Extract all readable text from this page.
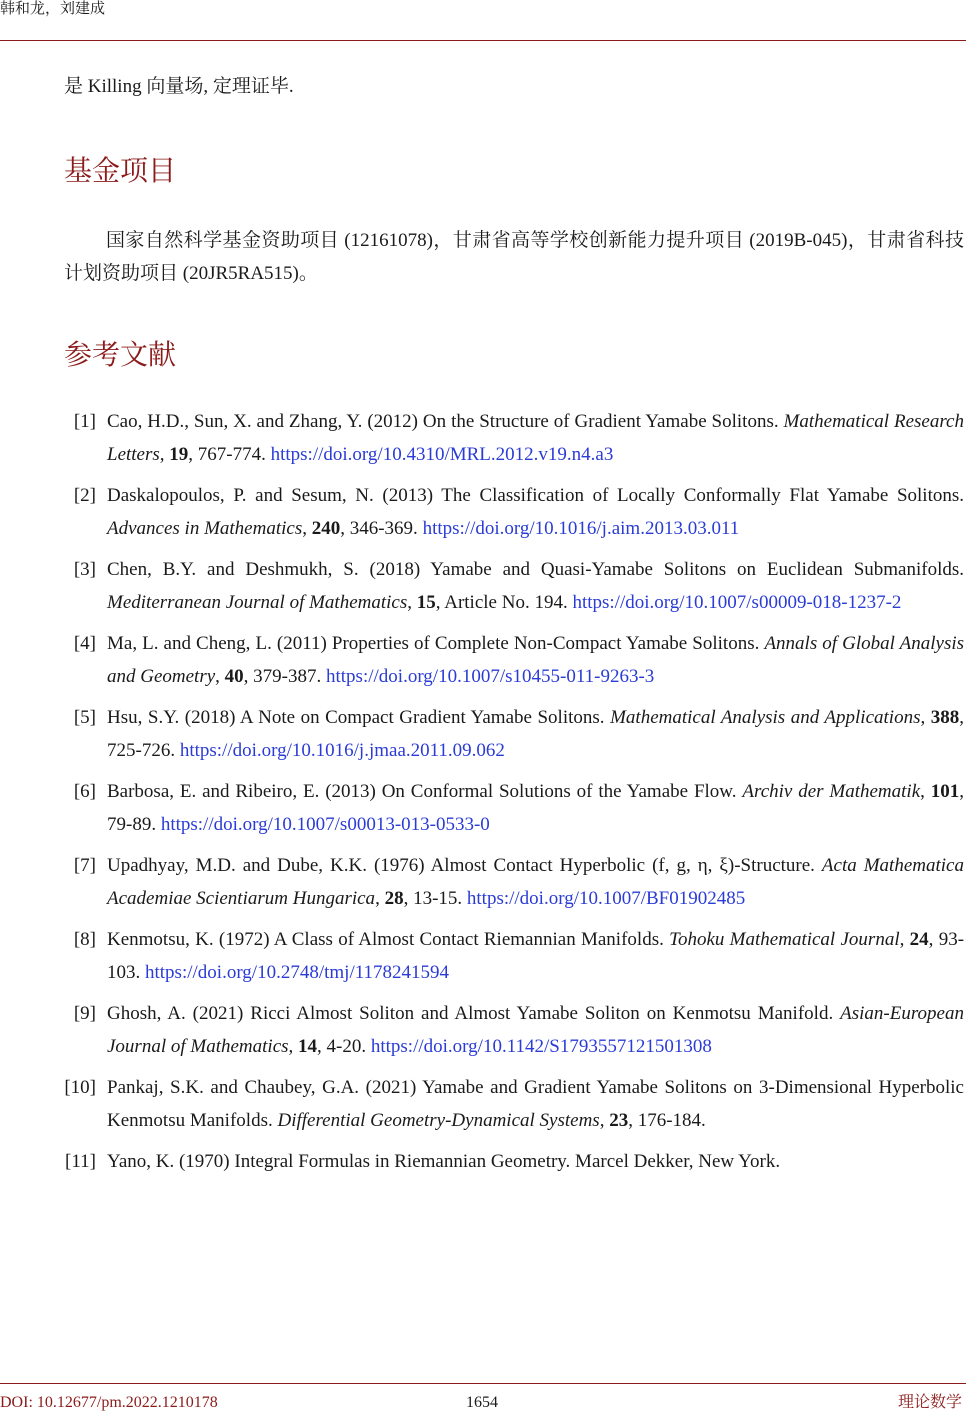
韩和龙，刘建成

是 Killing 向量场, 定理证毕.

基金项目

国家自然科学基金资助项目 (12161078)，甘肃省高等学校创新能力提升项目 (2019B-045)，甘肃省科技计划资助项目 (20JR5RA515)。

参考文献
[1] Cao, H.D., Sun, X. and Zhang, Y. (2012) On the Structure of Gradient Yamabe Solitons. Mathematical Research Letters, 19, 767-774. https://doi.org/10.4310/MRL.2012.v19.n4.a3
[2] Daskalopoulos, P. and Sesum, N. (2013) The Classification of Locally Conformally Flat Yamabe Solitons. Advances in Mathematics, 240, 346-369. https://doi.org/10.1016/j.aim.2013.03.011
[3] Chen, B.Y. and Deshmukh, S. (2018) Yamabe and Quasi-Yamabe Solitons on Euclidean Submanifolds. Mediterranean Journal of Mathematics, 15, Article No. 194. https://doi.org/10.1007/s00009-018-1237-2
[4] Ma, L. and Cheng, L. (2011) Properties of Complete Non-Compact Yamabe Solitons. Annals of Global Analysis and Geometry, 40, 379-387. https://doi.org/10.1007/s10455-011-9263-3
[5] Hsu, S.Y. (2018) A Note on Compact Gradient Yamabe Solitons. Mathematical Analysis and Applications, 388, 725-726. https://doi.org/10.1016/j.jmaa.2011.09.062
[6] Barbosa, E. and Ribeiro, E. (2013) On Conformal Solutions of the Yamabe Flow. Archiv der Mathematik, 101, 79-89. https://doi.org/10.1007/s00013-013-0533-0
[7] Upadhyay, M.D. and Dube, K.K. (1976) Almost Contact Hyperbolic (f, g, η, ξ)-Structure. Acta Mathematica Academiae Scientiarum Hungarica, 28, 13-15. https://doi.org/10.1007/BF01902485
[8] Kenmotsu, K. (1972) A Class of Almost Contact Riemannian Manifolds. Tohoku Mathematical Journal, 24, 93-103. https://doi.org/10.2748/tmj/1178241594
[9] Ghosh, A. (2021) Ricci Almost Soliton and Almost Yamabe Soliton on Kenmotsu Manifold. Asian-European Journal of Mathematics, 14, 4-20. https://doi.org/10.1142/S1793557121501308
[10] Pankaj, S.K. and Chaubey, G.A. (2021) Yamabe and Gradient Yamabe Solitons on 3-Dimensional Hyperbolic Kenmotsu Manifolds. Differential Geometry-Dynamical Systems, 23, 176-184.
[11] Yano, K. (1970) Integral Formulas in Riemannian Geometry. Marcel Dekker, New York.
DOI: 10.12677/pm.2022.1210178	1654	理论数学
